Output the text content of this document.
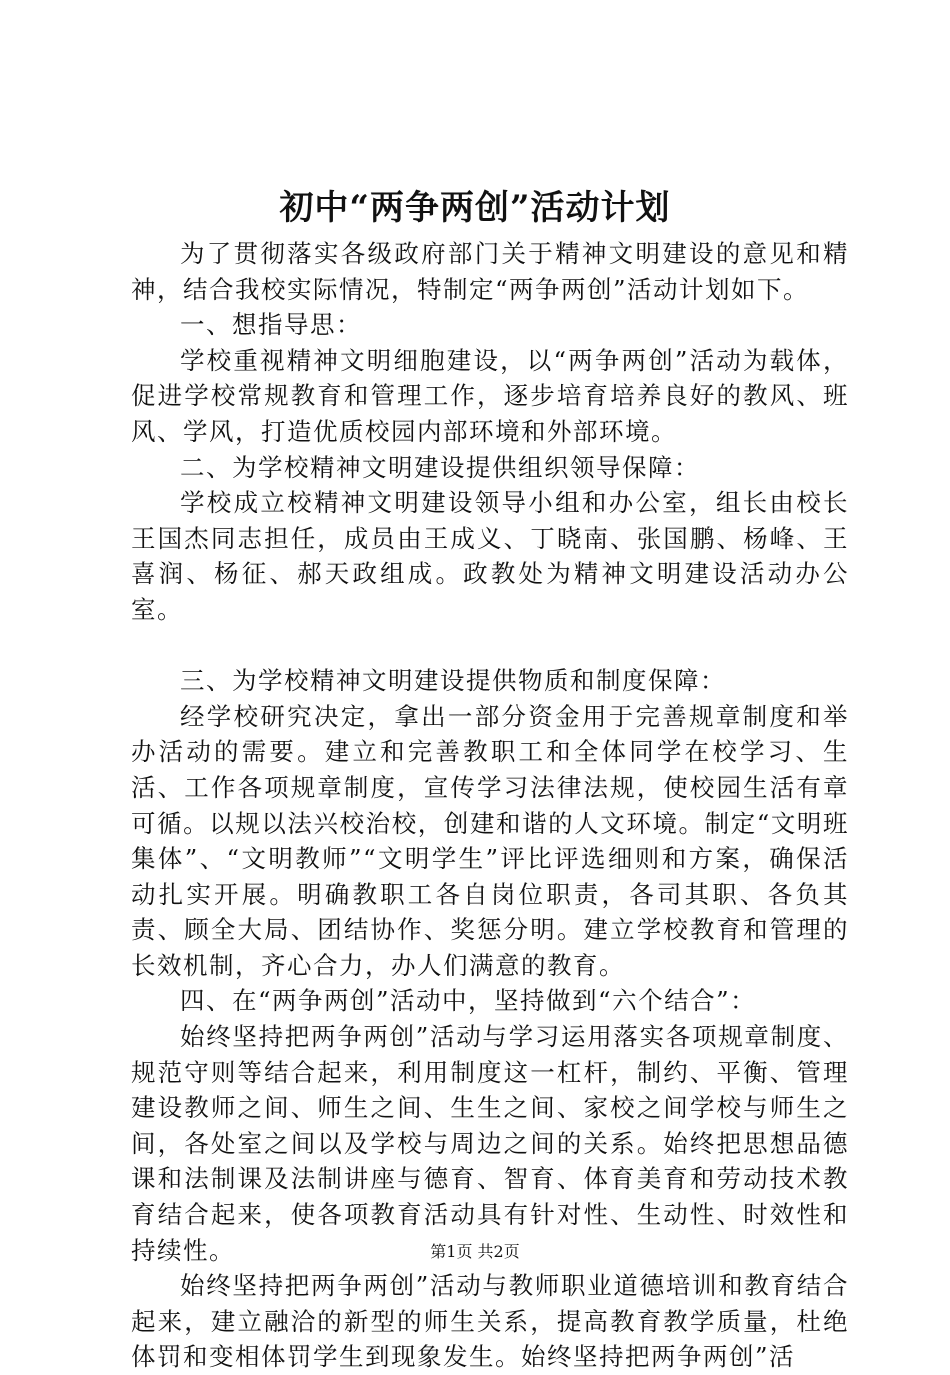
初中“两争两创”活动计划

为了贯彻落实各级政府部门关于精神文明建设的意见和精神，结合我校实际情况，特制定“两争两创”活动计划如下。

一、想指导思：

学校重视精神文明细胞建设，以“两争两创”活动为载体，促进学校常规教育和管理工作，逐步培育培养良好的教风、班风、学风，打造优质校园内部环境和外部环境。

二、为学校精神文明建设提供组织领导保障：

学校成立校精神文明建设领导小组和办公室，组长由校长王国杰同志担任，成员由王成义、丁晓南、张国鹏、杨峰、王喜润、杨征、郝天政组成。政教处为精神文明建设活动办公室。

三、为学校精神文明建设提供物质和制度保障：

经学校研究决定，拿出一部分资金用于完善规章制度和举办活动的需要。建立和完善教职工和全体同学在校学习、生活、工作各项规章制度，宣传学习法律法规，使校园生活有章可循。以规以法兴校治校，创建和谐的人文环境。制定“文明班集体”、“文明教师”“文明学生”评比评选细则和方案，确保活动扎实开展。明确教职工各自岗位职责，各司其职、各负其责、顾全大局、团结协作、奖惩分明。建立学校教育和管理的长效机制，齐心合力，办人们满意的教育。

四、在“两争两创”活动中，坚持做到“六个结合”：

始终坚持把两争两创”活动与学习运用落实各项规章制度、规范守则等结合起来，利用制度这一杠杆，制约、平衡、管理建设教师之间、师生之间、生生之间、家校之间学校与师生之间，各处室之间以及学校与周边之间的关系。始终把思想品德课和法制课及法制讲座与德育、智育、体育美育和劳动技术教育结合起来，使各项教育活动具有针对性、生动性、时效性和持续性。

始终坚持把两争两创”活动与教师职业道德培训和教育结合起来，建立融洽的新型的师生关系，提高教育教学质量，杜绝体罚和变相体罚学生到现象发生。始终坚持把两争两创”活

第1页 共2页
